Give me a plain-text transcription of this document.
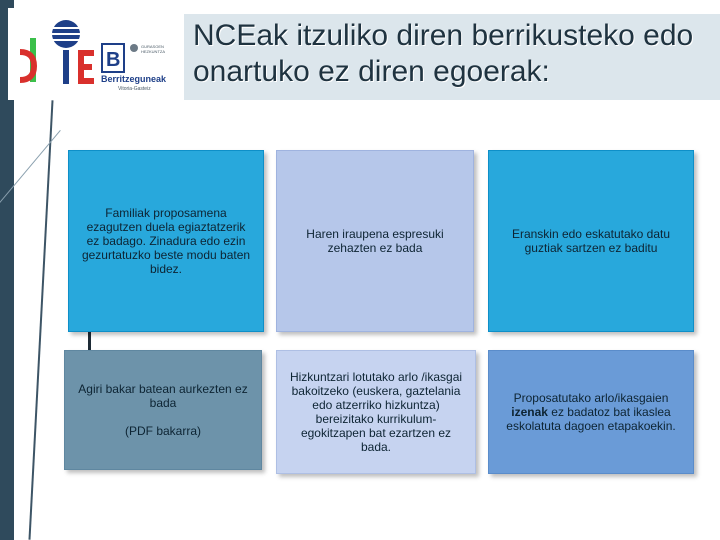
B
Berritzeguneak
Vitoria-Gasteiz
GURASOEN HEZKUNTZA NCEak itzuliko diren berrikusteko edo onartuko ez diren egoerak:

Familiak proposamena ezagutzen duela egiaztatzerik ez badago. Zinadura edo ezin gezurtatuzko beste modu baten bidez.

Haren iraupena espresuki zehazten ez bada

Eranskin edo eskatutako datu guztiak sartzen ez baditu

Agiri bakar batean aurkezten ez bada

(PDF bakarra)

Hizkuntzari lotutako arlo /ikasgai bakoitzeko (euskera, gaztelania edo atzerriko hizkuntza) bereizitako kurrikulum-egokitzapen bat ezartzen ez bada.

Proposatutako arlo/ikasgaien izenak ez badatoz bat ikaslea eskolatuta dagoen etapakoekin.
